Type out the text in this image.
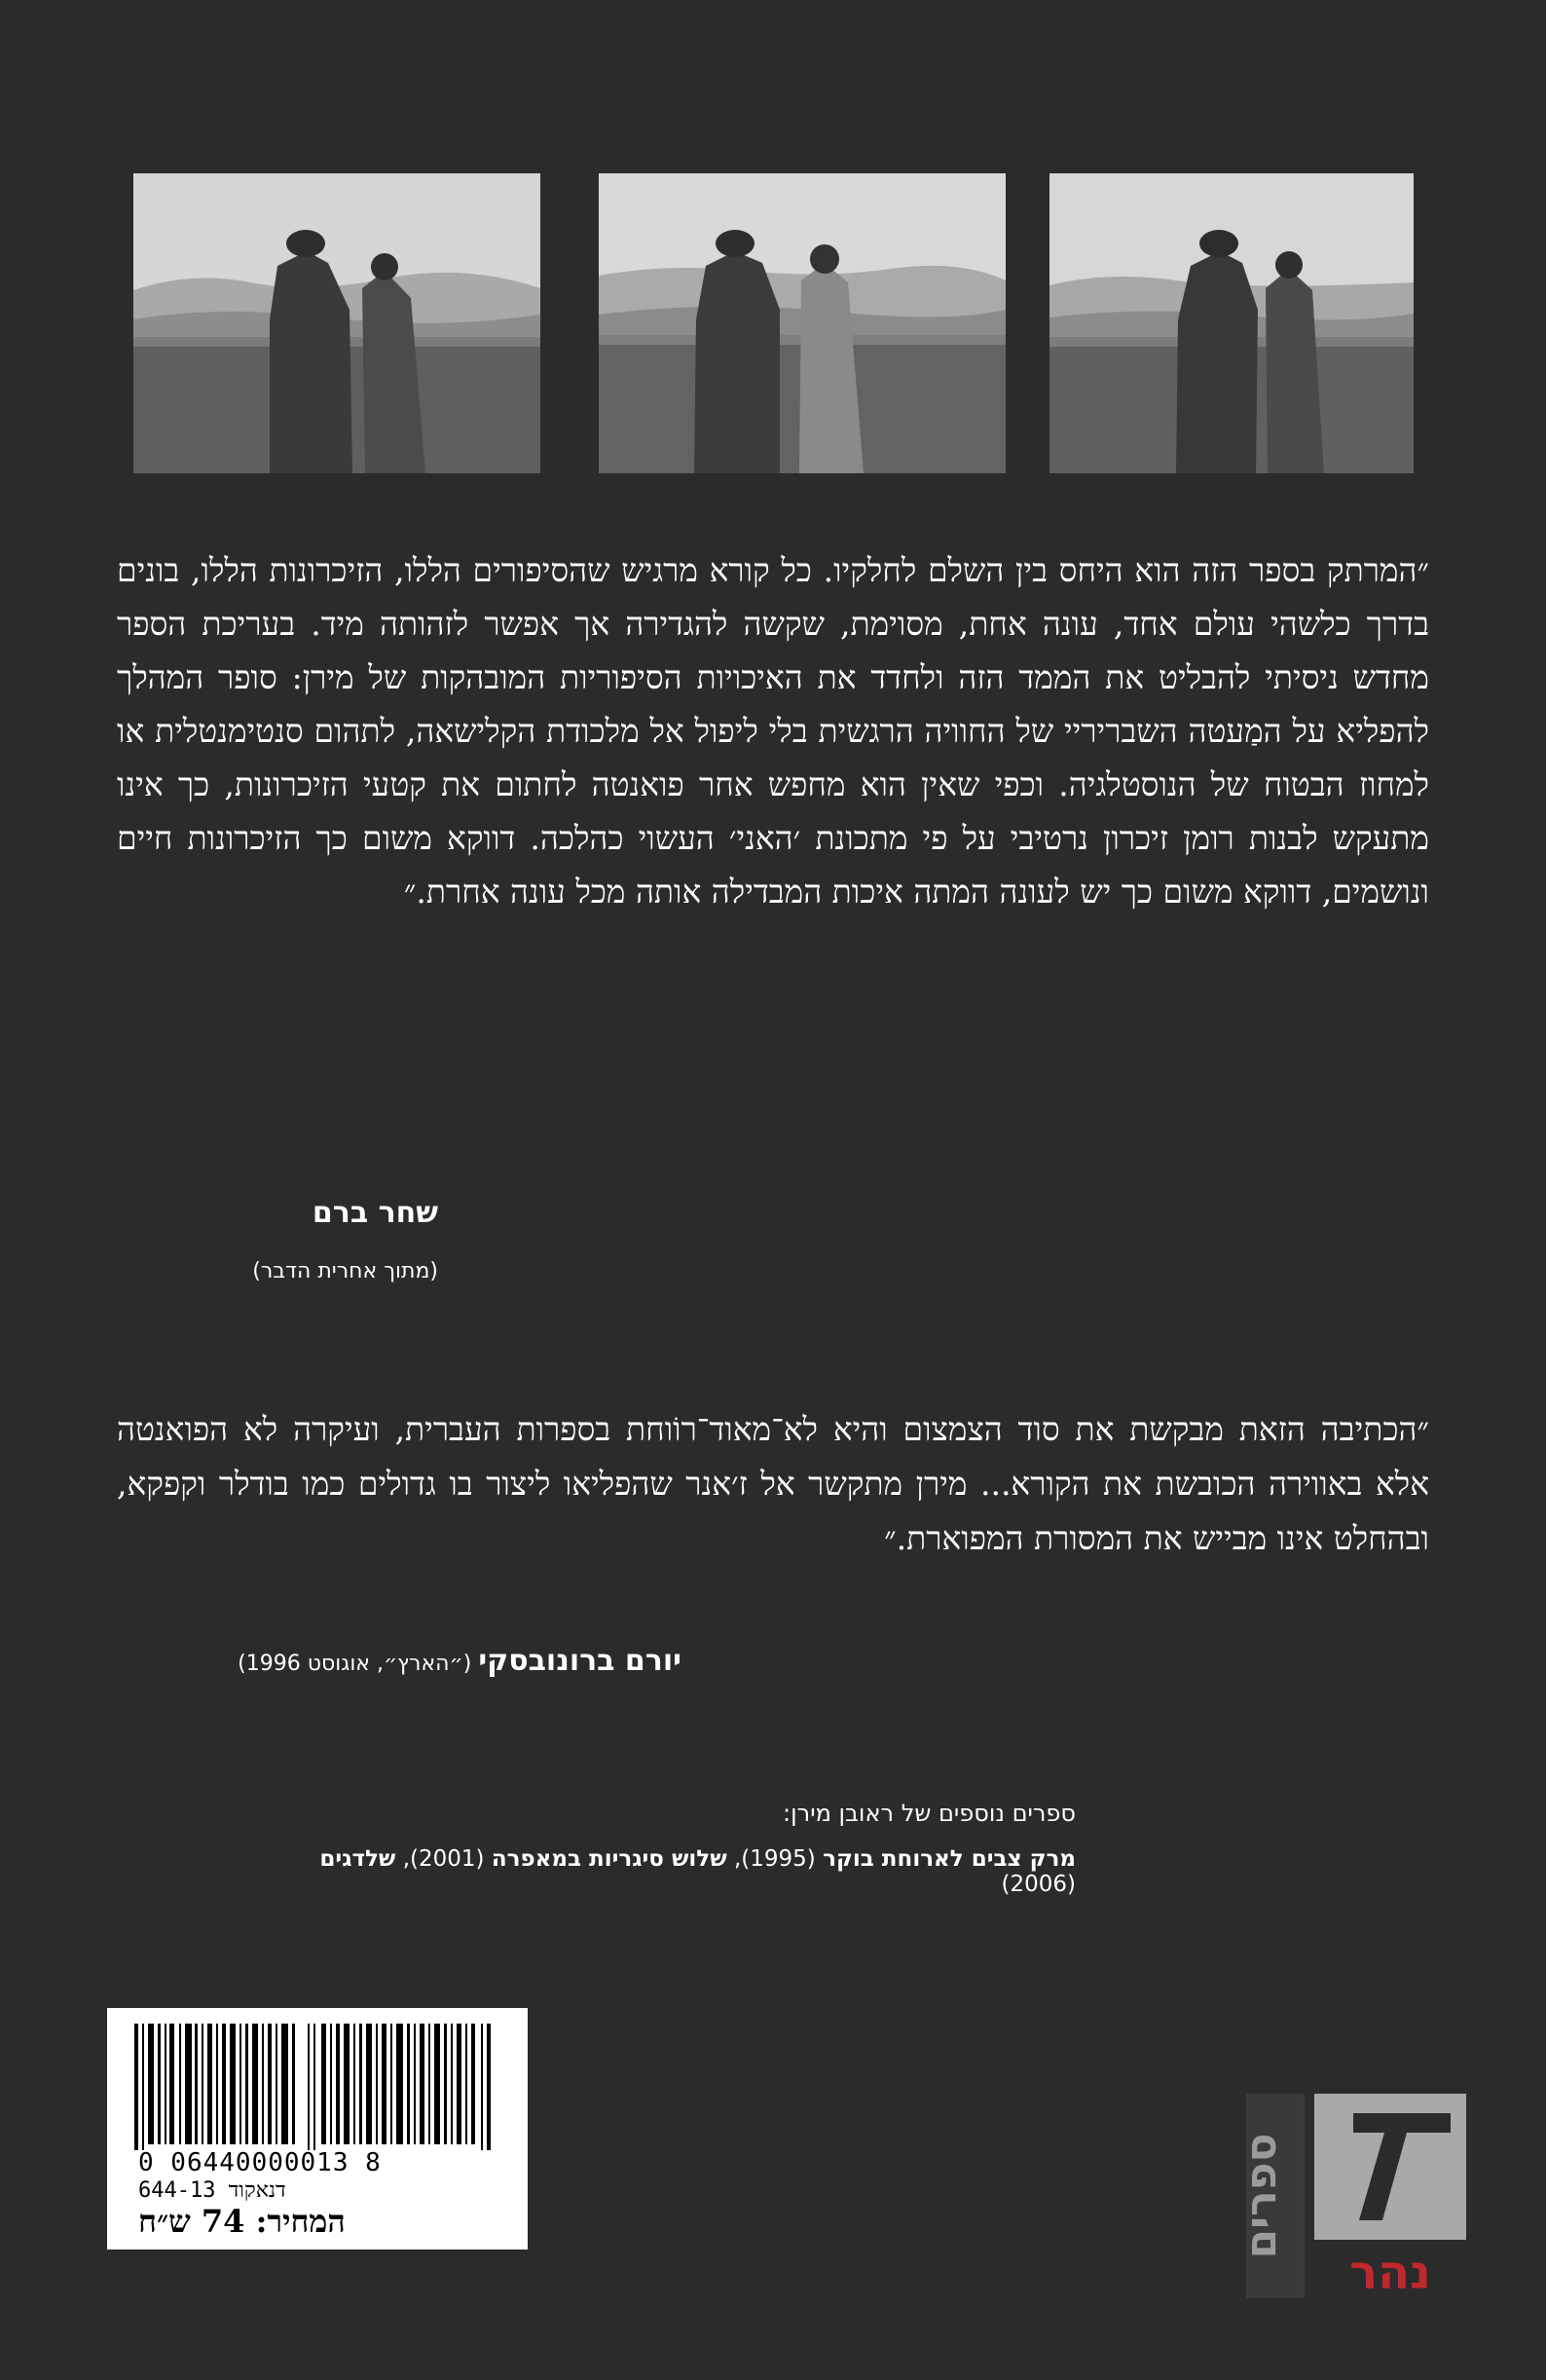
״המרתק בספר הזה הוא היחס בין השלם לחלקיו. כל קורא מרגיש שהסיפורים הללו, הזיכרונות הללו, בונים בדרך כלשהי עולם אחד, עונה אחת, מסוימת, שקשה להגדירה אך אפשר לזהותה מיד. בעריכת הספר מחדש ניסיתי להבליט את הממד הזה ולחדד את האיכויות הסיפוריות המובהקות של מירן: סופר המהלך להפליא על המַעטה השבריריי של החוויה הרגשית בלי ליפול אל מלכודת הקלישאה, לתהום סנטימנטלית או למחוז הבטוח של הנוסטלגיה. וכפי שאין הוא מחפש אחר פואנטה לחתום את קטעי הזיכרונות, כך אינו מתעקש לבנות רומן זיכרון נרטיבי על פי מתכונת ׳האני׳ העשוי כהלכה. דווקא משום כך הזיכרונות חיים ונושמים, דווקא משום כך יש לעונה המתה איכות המבדילה אותה מכל עונה אחרת.״
שחר ברם
(מתוך אחרית הדבר)
״הכתיבה הזאת מבקשת את סוד הצמצום והיא לא־מאוד־רוֹוחת בספרות העברית, ועיקרה לא הפואנטה אלא באווירה הכובשת את הקורא... מירן מתקשר אל ז׳אנר שהפליאו ליצור בו גדולים כמו בודלר וקפקא, ובהחלט אינו מבייש את המסורת המפוארת.״
יורם ברונובסקי (״הארץ״, אוגוסט 1996)
ספרים נוספים של ראובן מירן:
מרק צבים לארוחת בוקר (1995), שלוש סיגריות במאפרה (2001), שלדגים (2006)
0 06440000013 8
644-13 דנאקוד
המחיר: 74 ש״ח	ספרים
נהר
